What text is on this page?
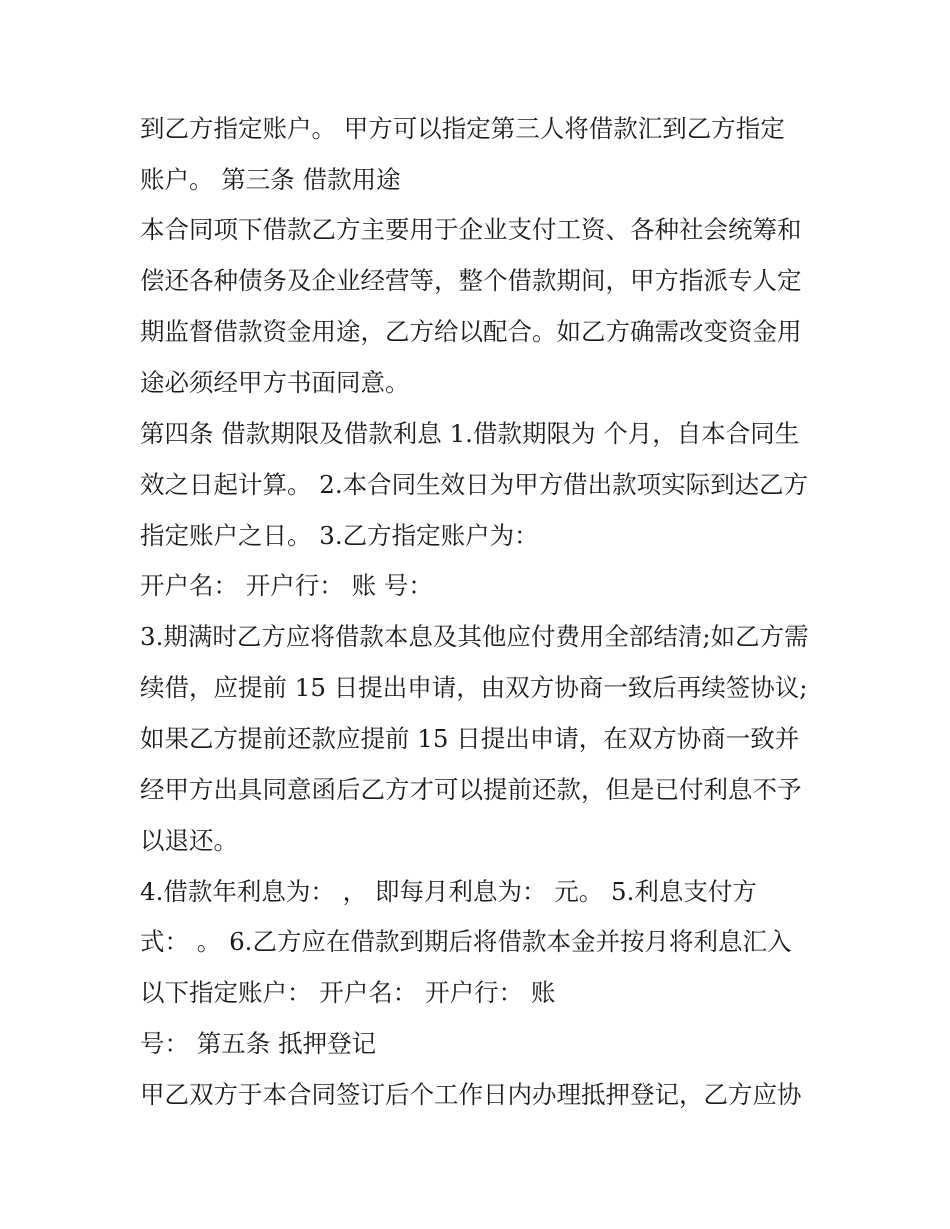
到乙方指定账户。 甲方可以指定第三人将借款汇到乙方指定
账户。 第三条 借款用途
本合同项下借款乙方主要用于企业支付工资、各种社会统筹和
偿还各种债务及企业经营等，整个借款期间，甲方指派专人定
期监督借款资金用途，乙方给以配合。如乙方确需改变资金用
途必须经甲方书面同意。
第四条 借款期限及借款利息 1.借款期限为 个月，自本合同生
效之日起计算。 2.本合同生效日为甲方借出款项实际到达乙方
指定账户之日。 3.乙方指定账户为：
开户名： 开户行： 账 号：
3.期满时乙方应将借款本息及其他应付费用全部结清;如乙方需
续借，应提前 15 日提出申请，由双方协商一致后再续签协议;
如果乙方提前还款应提前 15 日提出申请，在双方协商一致并
经甲方出具同意函后乙方才可以提前还款，但是已付利息不予
以退还。
4.借款年利息为： ， 即每月利息为： 元。 5.利息支付方
式： 。 6.乙方应在借款到期后将借款本金并按月将利息汇入
以下指定账户： 开户名： 开户行： 账
号： 第五条 抵押登记
甲乙双方于本合同签订后个工作日内办理抵押登记，乙方应协
